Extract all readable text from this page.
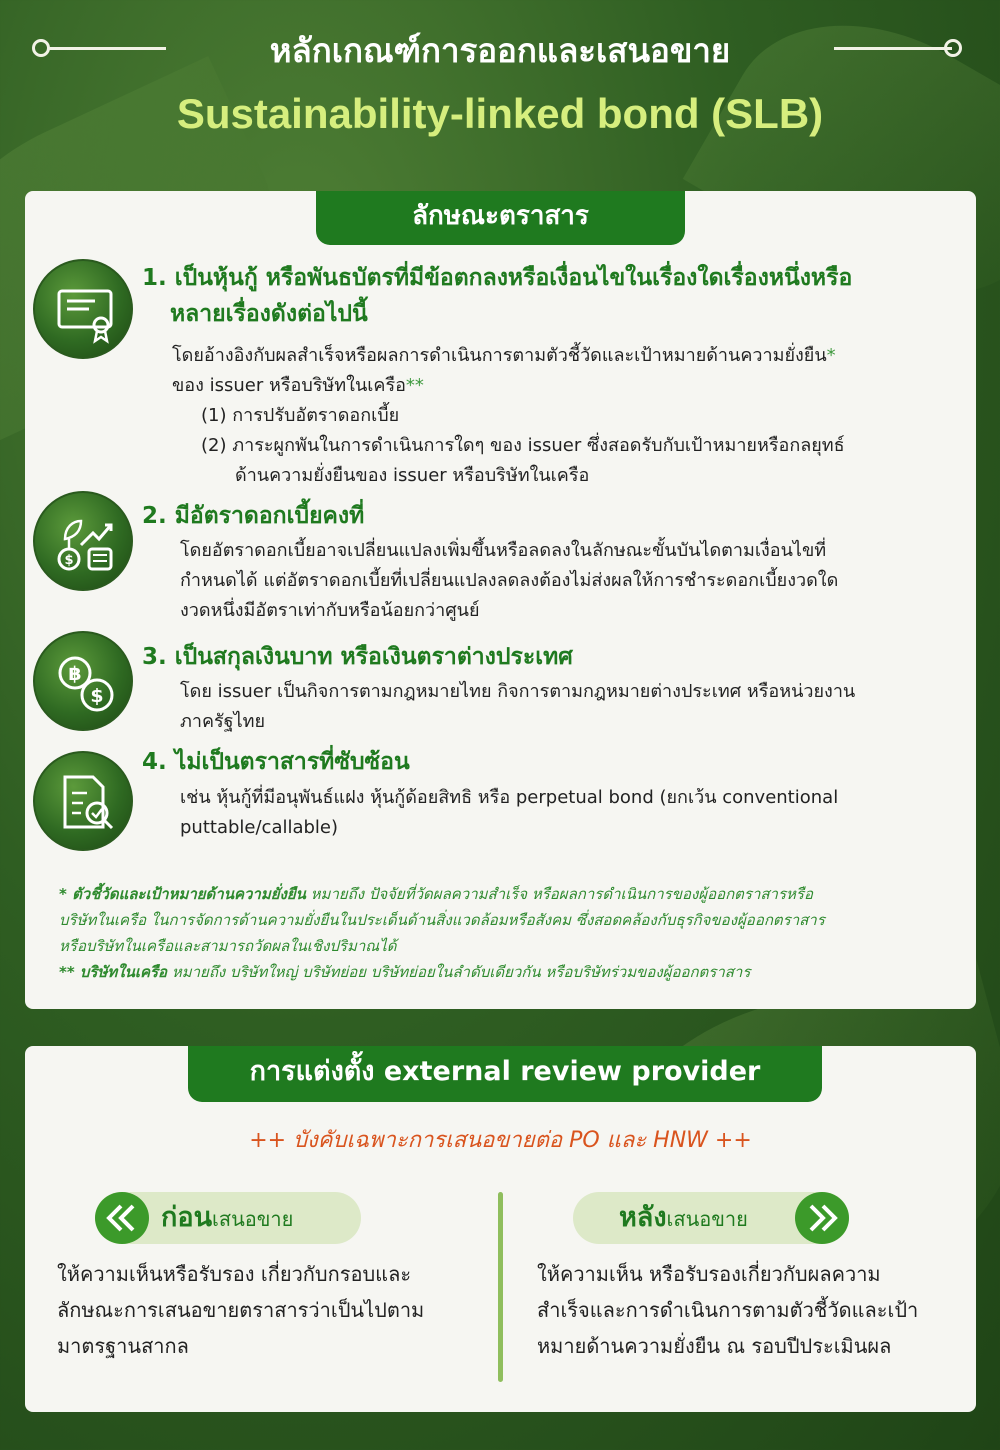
หลักเกณฑ์การออกและเสนอขาย
Sustainability-linked bond (SLB)
ลักษณะตราสาร
1. เป็นหุ้นกู้ หรือพันธบัตรที่มีข้อตกลงหรือเงื่อนไขในเรื่องใดเรื่องหนึ่งหรือ
หลายเรื่องดังต่อไปนี้
โดยอ้างอิงกับผลสำเร็จหรือผลการดำเนินการตามตัวชี้วัดและเป้าหมายด้านความยั่งยืน*
ของ issuer หรือบริษัทในเครือ**
(1) การปรับอัตราดอกเบี้ย
(2) ภาระผูกพันในการดำเนินการใดๆ ของ issuer ซึ่งสอดรับกับเป้าหมายหรือกลยุทธ์
ด้านความยั่งยืนของ issuer หรือบริษัทในเครือ
$
2. มีอัตราดอกเบี้ยคงที่
โดยอัตราดอกเบี้ยอาจเปลี่ยนแปลงเพิ่มขึ้นหรือลดลงในลักษณะขั้นบันไดตามเงื่อนไขที่
กำหนดได้ แต่อัตราดอกเบี้ยที่เปลี่ยนแปลงลดลงต้องไม่ส่งผลให้การชำระดอกเบี้ยงวดใด
งวดหนึ่งมีอัตราเท่ากับหรือน้อยกว่าศูนย์
฿
$
3. เป็นสกุลเงินบาท หรือเงินตราต่างประเทศ
โดย issuer เป็นกิจการตามกฎหมายไทย กิจการตามกฎหมายต่างประเทศ หรือหน่วยงาน
ภาครัฐไทย
4. ไม่เป็นตราสารที่ซับซ้อน
เช่น หุ้นกู้ที่มีอนุพันธ์แฝง หุ้นกู้ด้อยสิทธิ หรือ perpetual bond (ยกเว้น conventional
puttable/callable)
* ตัวชี้วัดและเป้าหมายด้านความยั่งยืน หมายถึง ปัจจัยที่วัดผลความสำเร็จ หรือผลการดำเนินการของผู้ออกตราสารหรือ
บริษัทในเครือ ในการจัดการด้านความยั่งยืนในประเด็นด้านสิ่งแวดล้อมหรือสังคม ซึ่งสอดคล้องกับธุรกิจของผู้ออกตราสาร
หรือบริษัทในเครือและสามารถวัดผลในเชิงปริมาณได้
** บริษัทในเครือ หมายถึง บริษัทใหญ่ บริษัทย่อย บริษัทย่อยในลำดับเดียวกัน หรือบริษัทร่วมของผู้ออกตราสาร
การแต่งตั้ง external review provider
++ บังคับเฉพาะการเสนอขายต่อ PO และ HNW ++
ก่อนเสนอขาย
ให้ความเห็นหรือรับรอง เกี่ยวกับกรอบและ
ลักษณะการเสนอขายตราสารว่าเป็นไปตาม
มาตรฐานสากล
หลังเสนอขาย
ให้ความเห็น หรือรับรองเกี่ยวกับผลความ
สำเร็จและการดำเนินการตามตัวชี้วัดและเป้า
หมายด้านความยั่งยืน ณ รอบปีประเมินผล
